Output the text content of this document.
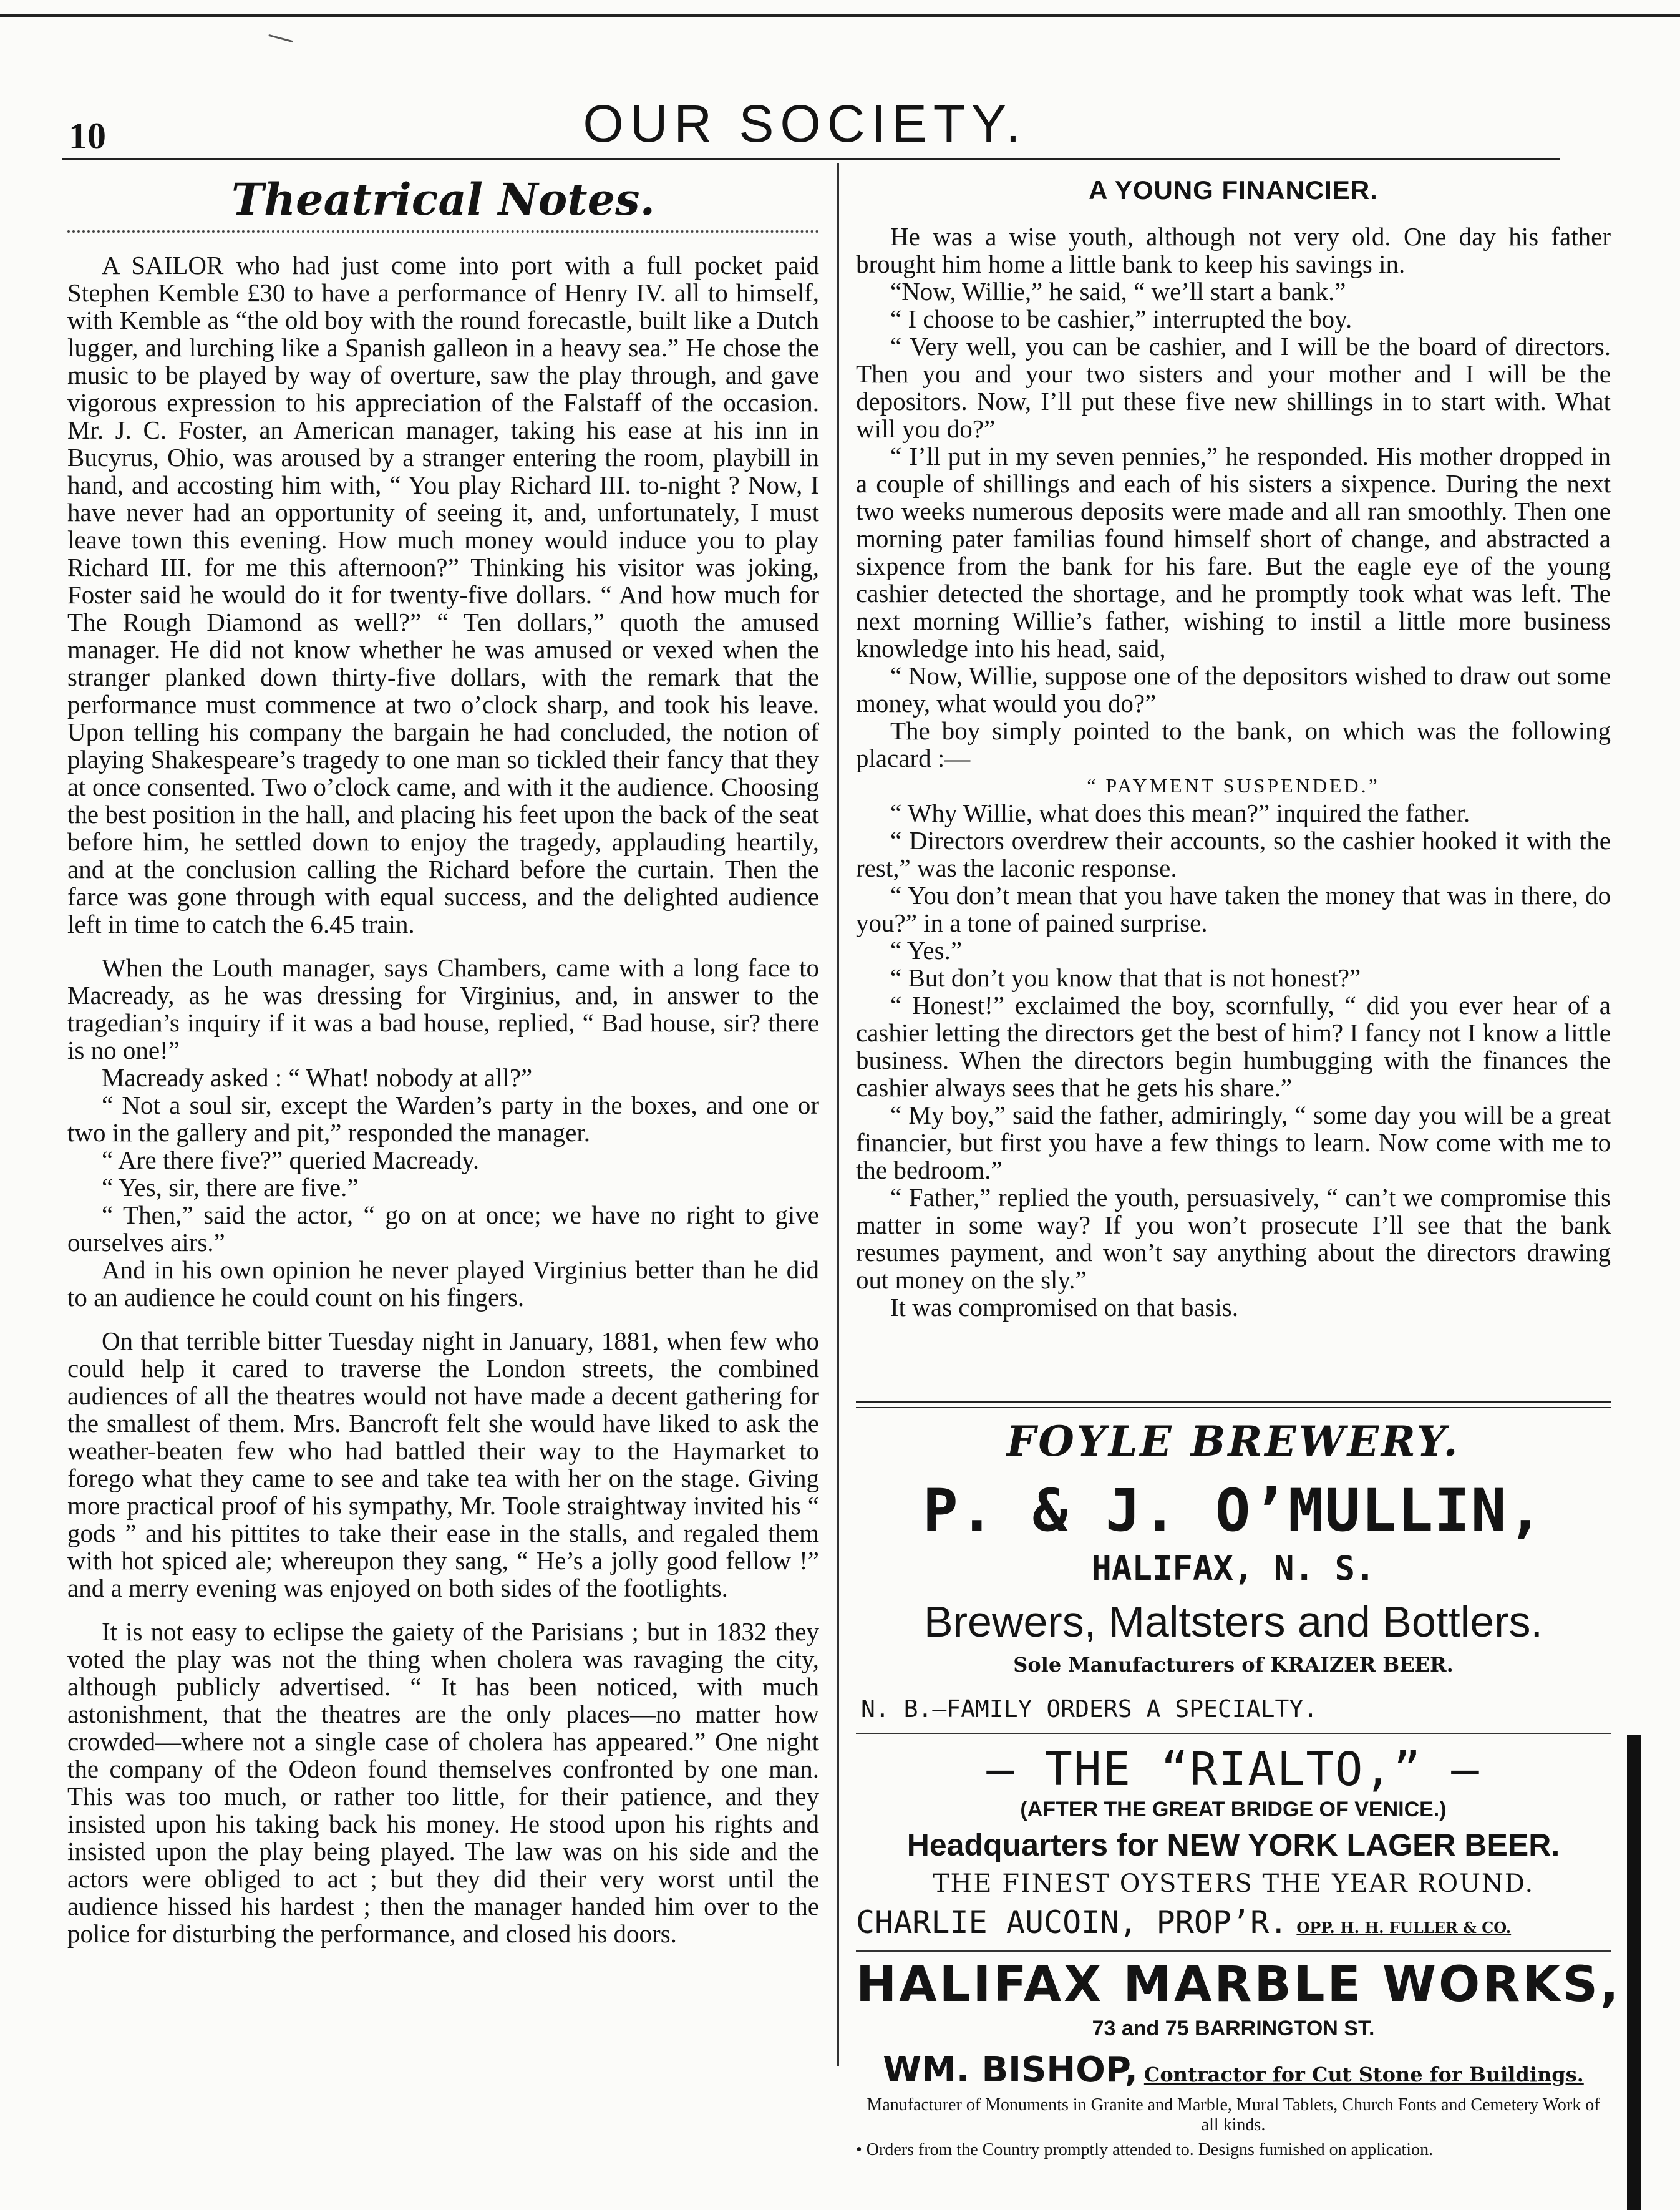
10	OUR SOCIETY.
Theatrical Notes.

A SAILOR who had just come into port with a full pocket paid Stephen Kemble £30 to have a performance of Henry IV. all to himself, with Kemble as “the old boy with the round forecastle, built like a Dutch lugger, and lurching like a Spanish galleon in a heavy sea.” He chose the music to be played by way of overture, saw the play through, and gave vigorous expression to his appreciation of the Falstaff of the occasion. Mr. J. C. Foster, an American manager, taking his ease at his inn in Bucyrus, Ohio, was aroused by a stranger entering the room, playbill in hand, and accosting him with, “ You play Richard III. to-night ? Now, I have never had an opportunity of seeing it, and, unfortunately, I must leave town this evening. How much money would induce you to play Richard III. for me this afternoon?” Thinking his visitor was joking, Foster said he would do it for twenty-five dollars. “ And how much for The Rough Diamond as well?” “ Ten dollars,” quoth the amused manager. He did not know whether he was amused or vexed when the stranger planked down thirty-five dollars, with the remark that the performance must commence at two o’clock sharp, and took his leave. Upon telling his company the bargain he had concluded, the notion of playing Shakespeare’s tragedy to one man so tickled their fancy that they at once consented. Two o’clock came, and with it the audience. Choosing the best position in the hall, and placing his feet upon the back of the seat before him, he settled down to enjoy the tragedy, applauding heartily, and at the conclusion calling the Richard before the curtain. Then the farce was gone through with equal success, and the delighted audience left in time to catch the 6.45 train.

When the Louth manager, says Chambers, came with a long face to Macready, as he was dressing for Virginius, and, in answer to the tragedian’s inquiry if it was a bad house, replied, “ Bad house, sir? there is no one!”

Macready asked : “ What! nobody at all?”

“ Not a soul sir, except the Warden’s party in the boxes, and one or two in the gallery and pit,” responded the manager.

“ Are there five?” queried Macready.

“ Yes, sir, there are five.”

“ Then,” said the actor, “ go on at once; we have no right to give ourselves airs.”

And in his own opinion he never played Virginius better than he did to an audience he could count on his fingers.

On that terrible bitter Tuesday night in January, 1881, when few who could help it cared to traverse the London streets, the combined audiences of all the theatres would not have made a decent gathering for the smallest of them. Mrs. Bancroft felt she would have liked to ask the weather-beaten few who had battled their way to the Haymarket to forego what they came to see and take tea with her on the stage. Giving more practical proof of his sympathy, Mr. Toole straightway invited his “ gods ” and his pittites to take their ease in the stalls, and regaled them with hot spiced ale; whereupon they sang, “ He’s a jolly good fellow !” and a merry evening was enjoyed on both sides of the footlights.

It is not easy to eclipse the gaiety of the Parisians ; but in 1832 they voted the play was not the thing when cholera was ravaging the city, although publicly advertised. “ It has been noticed, with much astonishment, that the theatres are the only places—no matter how crowded—where not a single case of cholera has appeared.” One night the company of the Odeon found themselves confronted by one man. This was too much, or rather too little, for their patience, and they insisted upon his taking back his money. He stood upon his rights and insisted upon the play being played. The law was on his side and the actors were obliged to act ; but they did their very worst until the audience hissed his hardest ; then the manager handed him over to the police for disturbing the performance, and closed his doors.

A YOUNG FINANCIER.

He was a wise youth, although not very old. One day his father brought him home a little bank to keep his savings in.

“Now, Willie,” he said, “ we’ll start a bank.”

“ I choose to be cashier,” interrupted the boy.

“ Very well, you can be cashier, and I will be the board of directors. Then you and your two sisters and your mother and I will be the depositors. Now, I’ll put these five new shillings in to start with. What will you do?”

“ I’ll put in my seven pennies,” he responded. His mother dropped in a couple of shillings and each of his sisters a sixpence. During the next two weeks numerous deposits were made and all ran smoothly. Then one morning pater familias found himself short of change, and abstracted a sixpence from the bank for his fare. But the eagle eye of the young cashier detected the shortage, and he promptly took what was left. The next morning Willie’s father, wishing to instil a little more business knowledge into his head, said,

“ Now, Willie, suppose one of the depositors wished to draw out some money, what would you do?”

The boy simply pointed to the bank, on which was the following placard :—

“ PAYMENT SUSPENDED.”

“ Why Willie, what does this mean?” inquired the father.

“ Directors overdrew their accounts, so the cashier hooked it with the rest,” was the laconic response.

“ You don’t mean that you have taken the money that was in there, do you?” in a tone of pained surprise.

“ Yes.”

“ But don’t you know that that is not honest?”

“ Honest!” exclaimed the boy, scornfully, “ did you ever hear of a cashier letting the directors get the best of him? I fancy not I know a little business. When the directors begin humbugging with the finances the cashier always sees that he gets his share.”

“ My boy,” said the father, admiringly, “ some day you will be a great financier, but first you have a few things to learn. Now come with me to the bedroom.”

“ Father,” replied the youth, persuasively, “ can’t we compromise this matter in some way? If you won’t prosecute I’ll see that the bank resumes payment, and won’t say anything about the directors drawing out money on the sly.”

It was compromised on that basis.

FOYLE BREWERY.
P. & J. O’MULLIN,
HALIFAX, N. S.
Brewers, Maltsters and Bottlers.
Sole Manufacturers of KRAIZER BEER.
N. B.—FAMILY ORDERS A SPECIALTY.
— THE “RIALTO,” —
(AFTER THE GREAT BRIDGE OF VENICE.)
Headquarters for NEW YORK LAGER BEER.
THE FINEST OYSTERS THE YEAR ROUND.
CHARLIE AUCOIN, PROP’R. OPP. H. H. FULLER & CO.
HALIFAX MARBLE WORKS,
73 and 75 BARRINGTON ST.
WM. BISHOP, Contractor for Cut Stone for Buildings.
Manufacturer of Monuments in Granite and Marble, Mural Tablets, Church Fonts and Cemetery Work of all kinds.
• Orders from the Country promptly attended to. Designs furnished on application.
